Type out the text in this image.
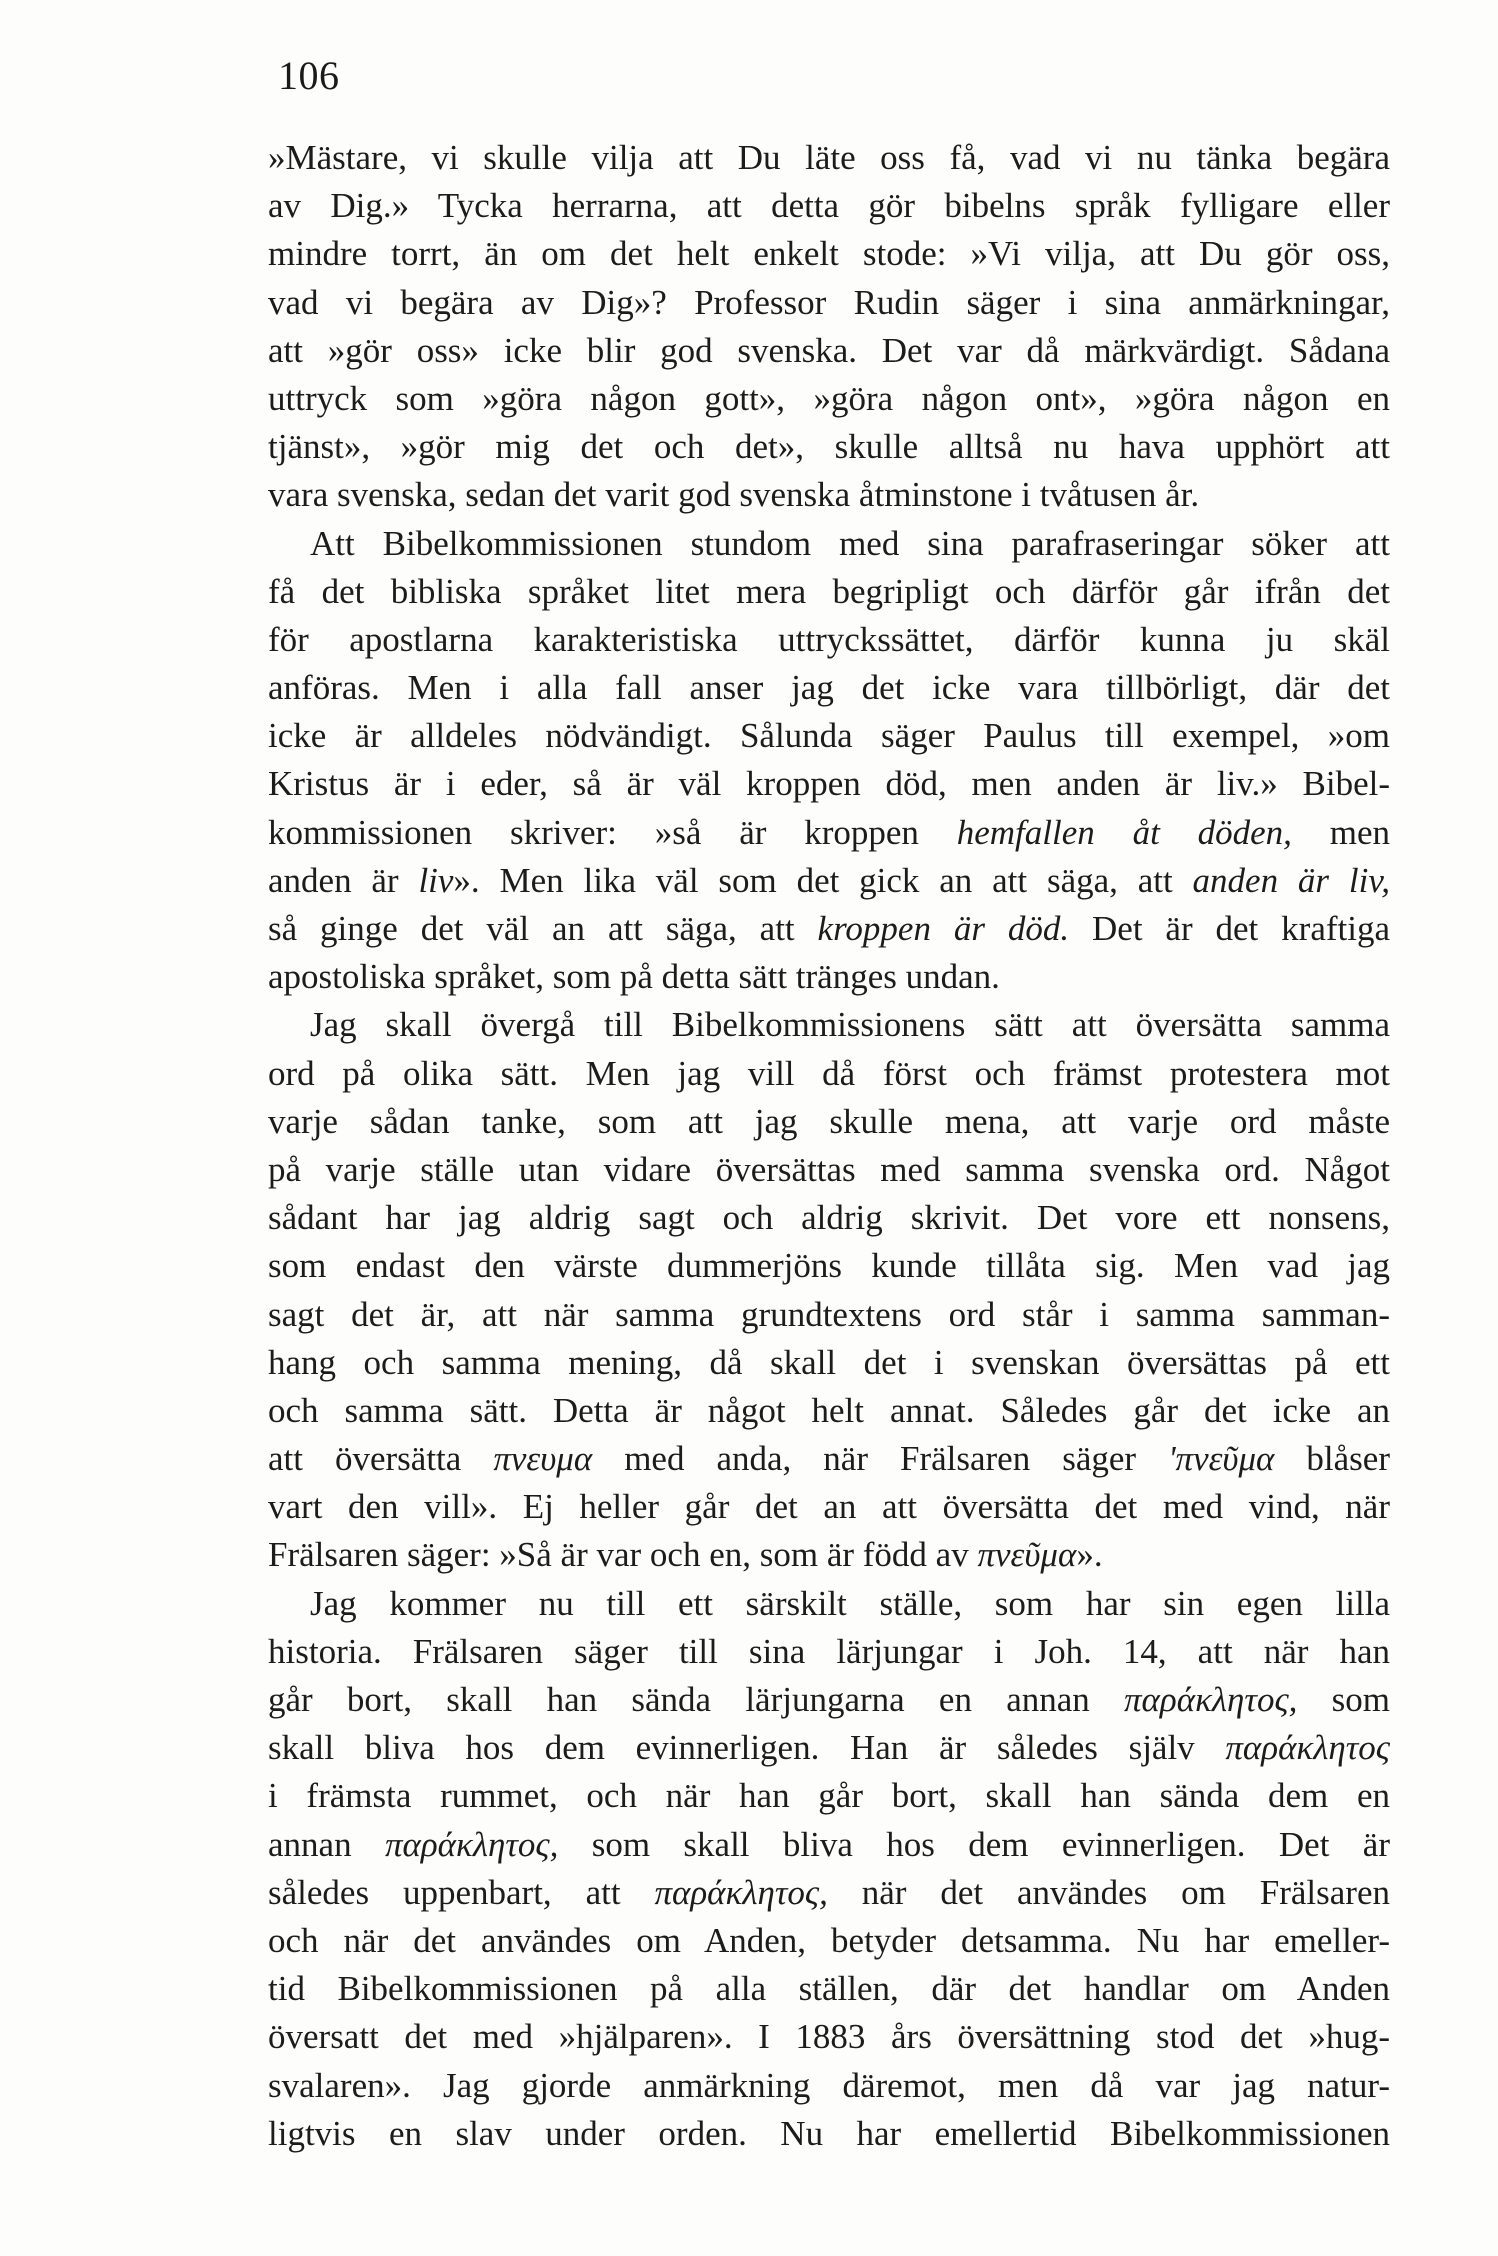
106
»Mästare, vi skulle vilja att Du läte oss få, vad vi nu tänka begära
av Dig.» Tycka herrarna, att detta gör bibelns språk fylligare eller
mindre torrt, än om det helt enkelt stode: »Vi vilja, att Du gör oss,
vad vi begära av Dig»? Professor Rudin säger i sina anmärkningar,
att »gör oss» icke blir god svenska. Det var då märkvärdigt. Sådana
uttryck som »göra någon gott», »göra någon ont», »göra någon en
tjänst», »gör mig det och det», skulle alltså nu hava upphört att
vara svenska, sedan det varit god svenska åtminstone i tvåtusen år.
Att Bibelkommissionen stundom med sina parafraseringar söker att
få det bibliska språket litet mera begripligt och därför går ifrån det
för apostlarna karakteristiska uttryckssättet, därför kunna ju skäl
anföras. Men i alla fall anser jag det icke vara tillbörligt, där det
icke är alldeles nödvändigt. Sålunda säger Paulus till exempel, »om
Kristus är i eder, så är väl kroppen död, men anden är liv.» Bibel-
kommissionen skriver: »så är kroppen hemfallen åt döden, men
anden är liv». Men lika väl som det gick an att säga, att anden är liv,
så ginge det väl an att säga, att kroppen är död. Det är det kraftiga
apostoliska språket, som på detta sätt tränges undan.
Jag skall övergå till Bibelkommissionens sätt att översätta samma
ord på olika sätt. Men jag vill då först och främst protestera mot
varje sådan tanke, som att jag skulle mena, att varje ord måste
på varje ställe utan vidare översättas med samma svenska ord. Något
sådant har jag aldrig sagt och aldrig skrivit. Det vore ett nonsens,
som endast den värste dummerjöns kunde tillåta sig. Men vad jag
sagt det är, att när samma grundtextens ord står i samma samman-
hang och samma mening, då skall det i svenskan översättas på ett
och samma sätt. Detta är något helt annat. Således går det icke an
att översätta πνευμα med anda, när Frälsaren säger 'πνεῦμα blåser
vart den vill». Ej heller går det an att översätta det med vind, när
Frälsaren säger: »Så är var och en, som är född av πνεῦμα».
Jag kommer nu till ett särskilt ställe, som har sin egen lilla
historia. Frälsaren säger till sina lärjungar i Joh. 14, att när han
går bort, skall han sända lärjungarna en annan παράκλητος, som
skall bliva hos dem evinnerligen. Han är således själv παράκλητος
i främsta rummet, och när han går bort, skall han sända dem en
annan παράκλητος, som skall bliva hos dem evinnerligen. Det är
således uppenbart, att παράκλητος, när det användes om Frälsaren
och när det användes om Anden, betyder detsamma. Nu har emeller-
tid Bibelkommissionen på alla ställen, där det handlar om Anden
översatt det med »hjälparen». I 1883 års översättning stod det »hug-
svalaren». Jag gjorde anmärkning däremot, men då var jag natur-
ligtvis en slav under orden. Nu har emellertid Bibelkommissionen
